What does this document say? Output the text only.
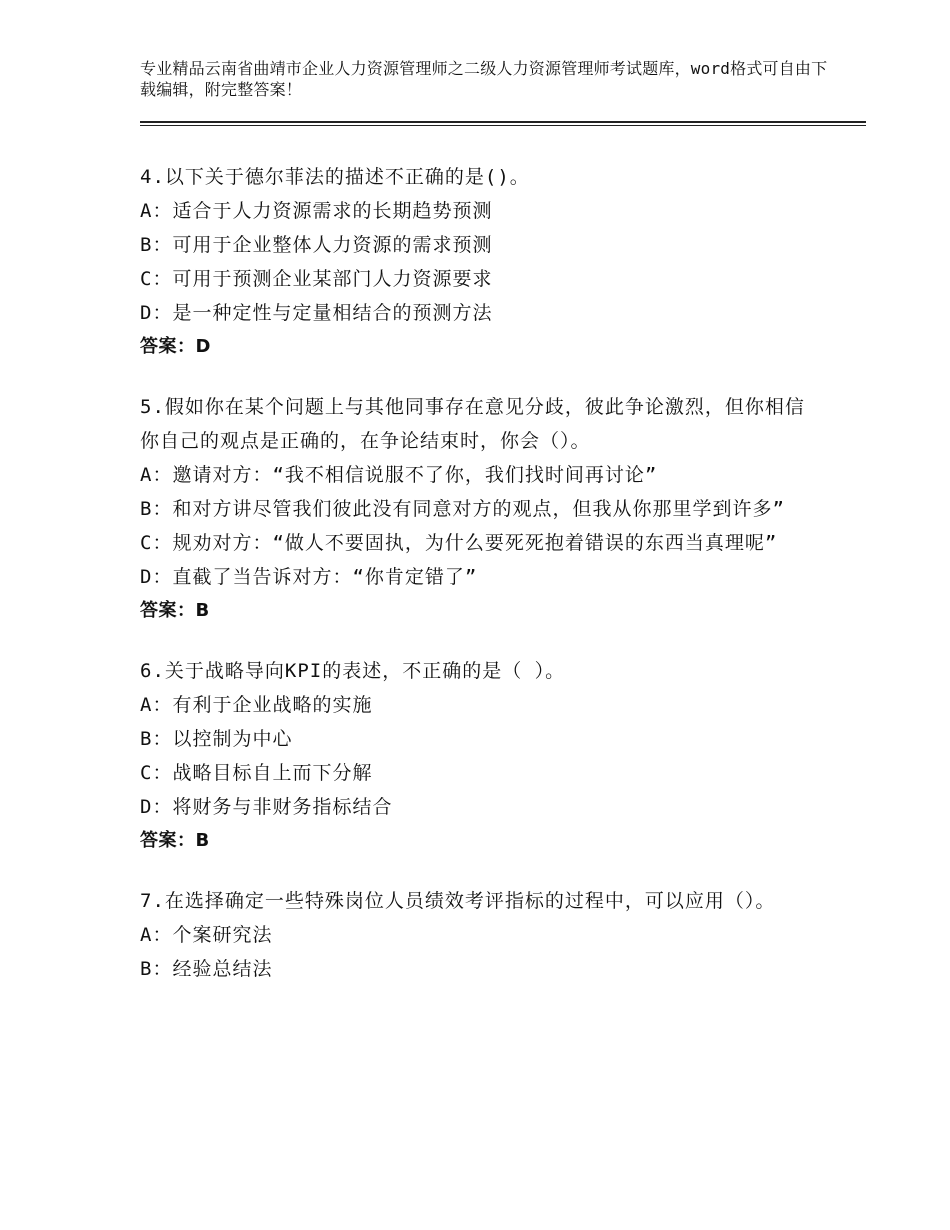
专业精品云南省曲靖市企业人力资源管理师之二级人力资源管理师考试题库，word格式可自由下载编辑，附完整答案！
4.以下关于德尔菲法的描述不正确的是()。
A：适合于人力资源需求的长期趋势预测
B：可用于企业整体人力资源的需求预测
C：可用于预测企业某部门人力资源要求
D：是一种定性与定量相结合的预测方法
答案：D
5.假如你在某个问题上与其他同事存在意见分歧，彼此争论激烈，但你相信你自己的观点是正确的，在争论结束时，你会（）。
A：邀请对方：“我不相信说服不了你，我们找时间再讨论”
B：和对方讲尽管我们彼此没有同意对方的观点，但我从你那里学到许多”
C：规劝对方：“做人不要固执，为什么要死死抱着错误的东西当真理呢”
D：直截了当告诉对方：“你肯定错了”
答案：B
6.关于战略导向KPI的表述，不正确的是（ ）。
A：有利于企业战略的实施
B：以控制为中心
C：战略目标自上而下分解
D：将财务与非财务指标结合
答案：B
7.在选择确定一些特殊岗位人员绩效考评指标的过程中，可以应用（）。
A：个案研究法
B：经验总结法
